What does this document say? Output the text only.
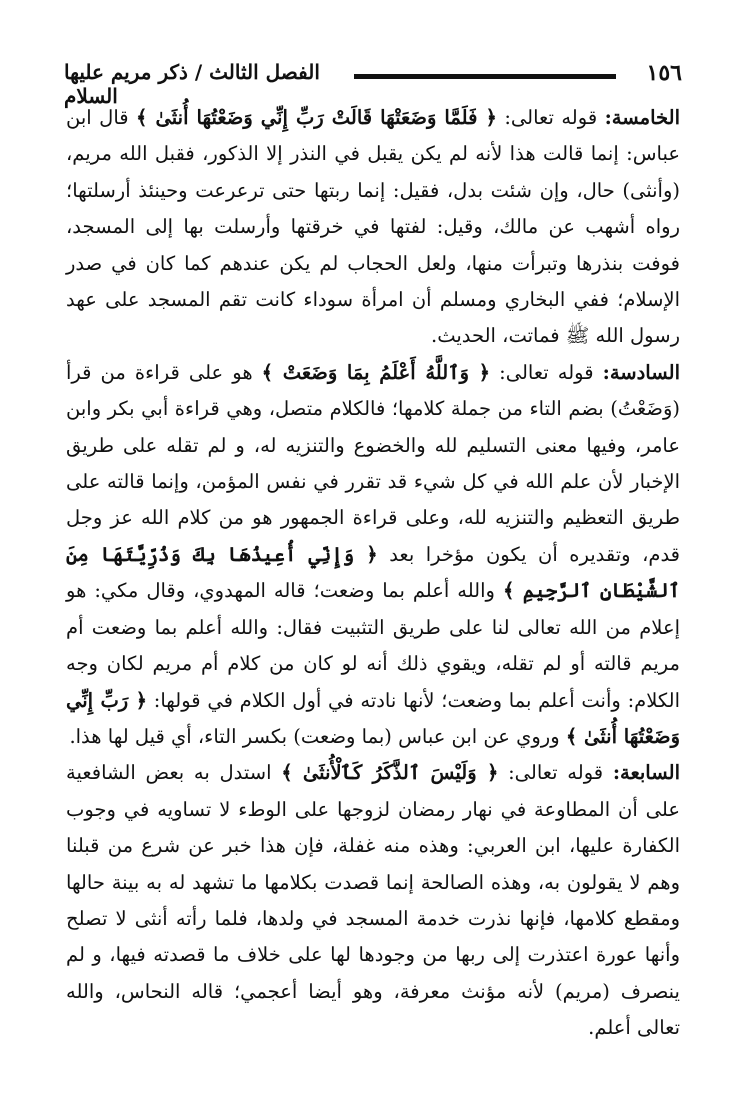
١٥٦
الفصل الثالث / ذكر مريم عليها السلام

الخامسة: قوله تعالى: ﴿ فَلَمَّا وَضَعَتْهَا قَالَتْ رَبِّ إِنِّي وَضَعْتُهَا أُنثَىٰ ﴾ قال ابن عباس: إنما قالت هذا لأنه لم يكن يقبل في النذر إلا الذكور، فقبل الله مريم، (وأنثى) حال، وإن شئت بدل، فقيل: إنما ربتها حتى ترعرعت وحينئذ أرسلتها؛ رواه أشهب عن مالك، وقيل: لفتها في خرقتها وأرسلت بها إلى المسجد، فوفت بنذرها وتبرأت منها، ولعل الحجاب لم يكن عندهم كما كان في صدر الإسلام؛ ففي البخاري ومسلم أن امرأة سوداء كانت تقم المسجد على عهد رسول الله ﷺ فماتت، الحديث.

السادسة: قوله تعالى: ﴿ وَٱللَّهُ أَعْلَمُ بِمَا وَضَعَتْ ﴾ هو على قراءة من قرأ (وَضَعْتُ) بضم التاء من جملة كلامها؛ فالكلام متصل، وهي قراءة أبي بكر وابن عامر، وفيها معنى التسليم لله والخضوع والتنزيه له، و لم تقله على طريق الإخبار لأن علم الله في كل شيء قد تقرر في نفس المؤمن، وإنما قالته على طريق التعظيم والتنزيه لله، وعلى قراءة الجمهور هو من كلام الله عز وجل قدم، وتقديره أن يكون مؤخرا بعد ﴿ وَإِنِّي أُعِيذُهَا بِكَ وَذُرِّيَّتَهَا مِنَ ٱلشَّيْطَانِ ٱلرَّجِيمِ ﴾ والله أعلم بما وضعت؛ قاله المهدوي، وقال مكي: هو إعلام من الله تعالى لنا على طريق التثبيت فقال: والله أعلم بما وضعت أم مريم قالته أو لم تقله، ويقوي ذلك أنه لو كان من كلام أم مريم لكان وجه الكلام: وأنت أعلم بما وضعت؛ لأنها نادته في أول الكلام في قولها: ﴿ رَبِّ إِنِّي وَضَعْتُهَا أُنثَىٰ ﴾ وروي عن ابن عباس (بما وضعت) بكسر التاء، أي قيل لها هذا.

السابعة: قوله تعالى: ﴿ وَلَيْسَ ٱلذَّكَرُ كَٱلْأُنثَىٰ ﴾ استدل به بعض الشافعية على أن المطاوعة في نهار رمضان لزوجها على الوطء لا تساويه في وجوب الكفارة عليها، ابن العربي: وهذه منه غفلة، فإن هذا خبر عن شرع من قبلنا وهم لا يقولون به، وهذه الصالحة إنما قصدت بكلامها ما تشهد له به بينة حالها ومقطع كلامها، فإنها نذرت خدمة المسجد في ولدها، فلما رأته أنثى لا تصلح وأنها عورة اعتذرت إلى ربها من وجودها لها على خلاف ما قصدته فيها، و لم ينصرف (مريم) لأنه مؤنث معرفة، وهو أيضا أعجمي؛ قاله النحاس، والله تعالى أعلم.
